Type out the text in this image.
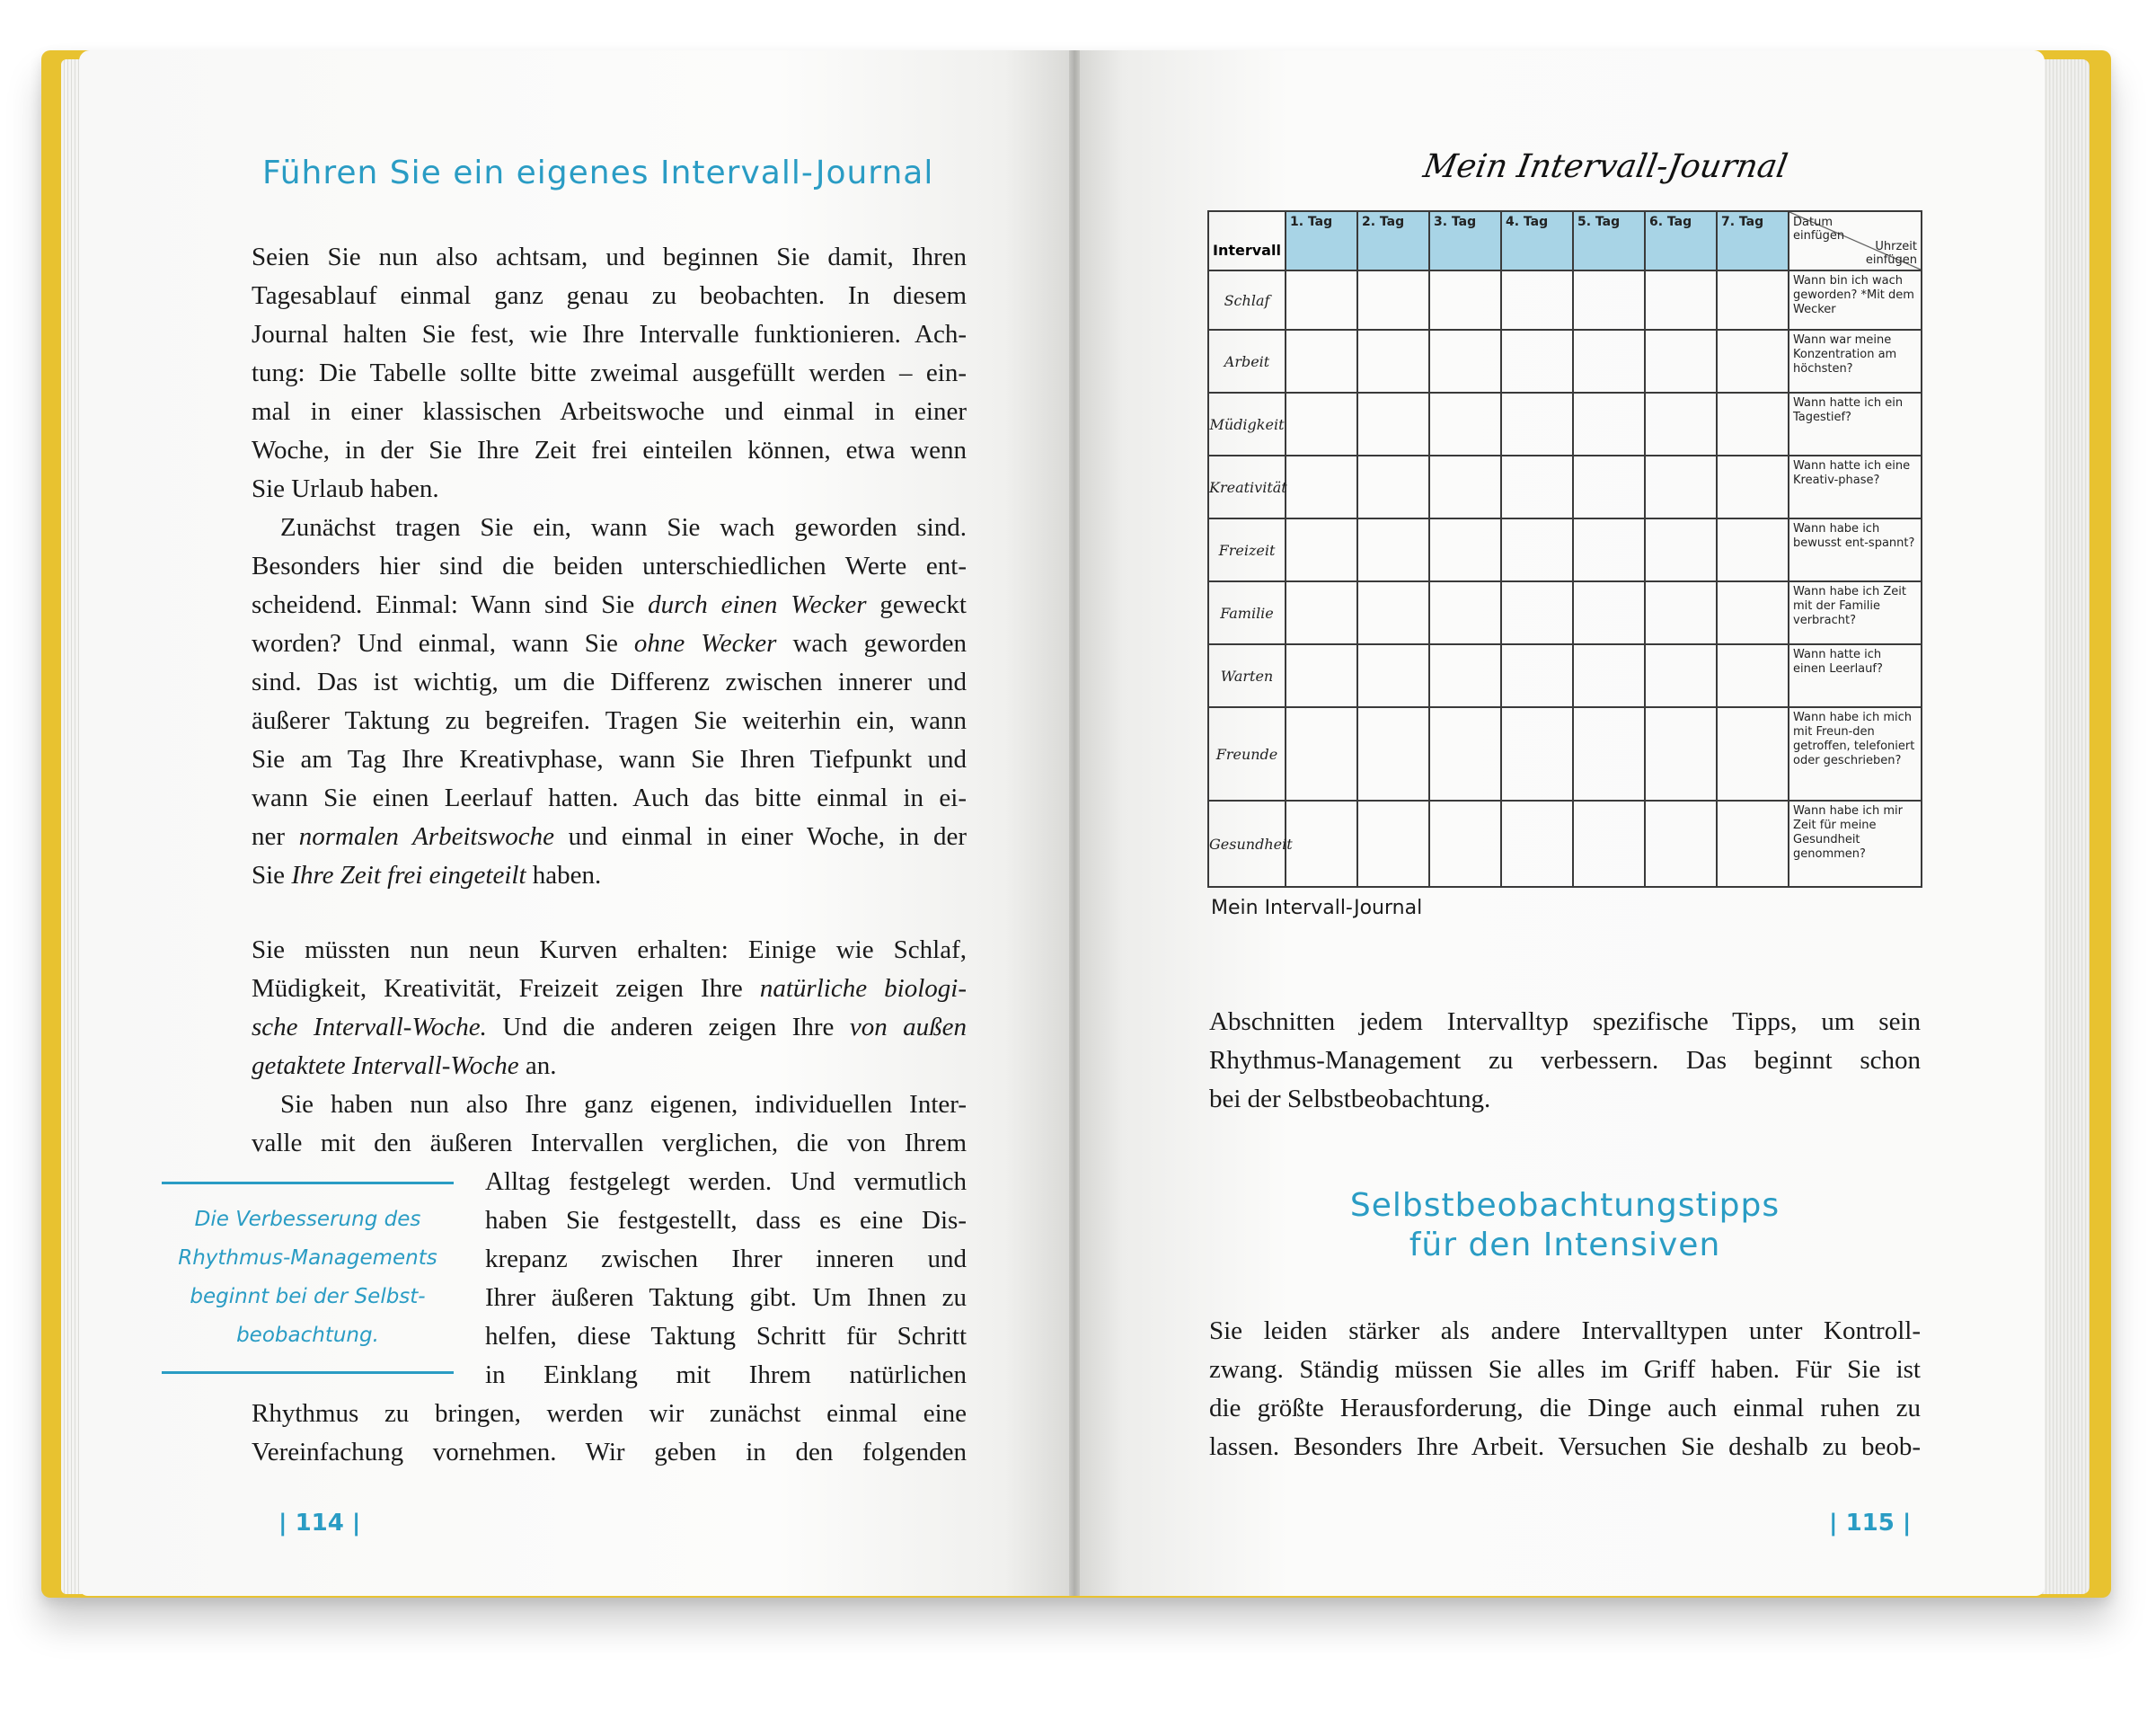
Führen Sie ein eigenes Intervall-Journal

Seien Sie nun also achtsam, und beginnen Sie damit, Ihren

Tagesablauf einmal ganz genau zu beobachten. In diesem

Journal halten Sie fest, wie Ihre Intervalle funktionieren. Ach-

tung: Die Tabelle sollte bitte zweimal ausgefüllt werden – ein-

mal in einer klassischen Arbeitswoche und einmal in einer

Woche, in der Sie Ihre Zeit frei einteilen können, etwa wenn

Sie Urlaub haben.

Zunächst tragen Sie ein, wann Sie wach geworden sind.

Besonders hier sind die beiden unterschiedlichen Werte ent-

scheidend. Einmal: Wann sind Sie durch einen Wecker geweckt

worden? Und einmal, wann Sie ohne Wecker wach geworden

sind. Das ist wichtig, um die Differenz zwischen innerer und

äußerer Taktung zu begreifen. Tragen Sie weiterhin ein, wann

Sie am Tag Ihre Kreativphase, wann Sie Ihren Tiefpunkt und

wann Sie einen Leerlauf hatten. Auch das bitte einmal in ei-

ner normalen Arbeitswoche und einmal in einer Woche, in der

Sie Ihre Zeit frei eingeteilt haben.

Sie müssten nun neun Kurven erhalten: Einige wie Schlaf,

Müdigkeit, Kreativität, Freizeit zeigen Ihre natürliche biologi-

sche Intervall-Woche. Und die anderen zeigen Ihre von außen

getaktete Intervall-Woche an.

Sie haben nun also Ihre ganz eigenen, individuellen Inter-

valle mit den äußeren Intervallen verglichen, die von Ihrem

Alltag festgelegt werden. Und vermutlich

haben Sie festgestellt, dass es eine Dis-

krepanz zwischen Ihrer inneren und

Ihrer äußeren Taktung gibt. Um Ihnen zu

helfen, diese Taktung Schritt für Schritt

in Einklang mit Ihrem natürlichen

Rhythmus zu bringen, werden wir zunächst einmal eine

Vereinfachung vornehmen. Wir geben in den folgenden

Die Verbesserung des
Rhythmus-Managements
beginnt bei der Selbst-
beobachtung.
| 114 |
Mein Intervall-Journal
Intervall	1. Tag	2. Tag	3. Tag	4. Tag	5. Tag	6. Tag	7. Tag	Datum
einfügen
Uhrzeit
einfügen

Schlaf								Wann bin ich wach geworden? *Mit dem Wecker
Arbeit								Wann war meine Konzentration am höchsten?
Müdigkeit								Wann hatte ich ein Tagestief?
Kreativität								Wann hatte ich eine Kreativ-phase?
Freizeit								Wann habe ich bewusst ent-spannt?
Familie								Wann habe ich Zeit mit der Familie verbracht?
Warten								Wann hatte ich einen Leerlauf?
Freunde								Wann habe ich mich mit Freun-den getroffen, telefoniert oder geschrieben?
Gesundheit								Wann habe ich mir Zeit für meine Gesundheit genommen?
Mein Intervall-Journal

Abschnitten jedem Intervalltyp spezifische Tipps, um sein

Rhythmus-Management zu verbessern. Das beginnt schon

bei der Selbstbeobachtung.

Selbstbeobachtungstipps
für den Intensiven

Sie leiden stärker als andere Intervalltypen unter Kontroll-

zwang. Ständig müssen Sie alles im Griff haben. Für Sie ist

die größte Herausforderung, die Dinge auch einmal ruhen zu

lassen. Besonders Ihre Arbeit. Versuchen Sie deshalb zu beob-

| 115 |
